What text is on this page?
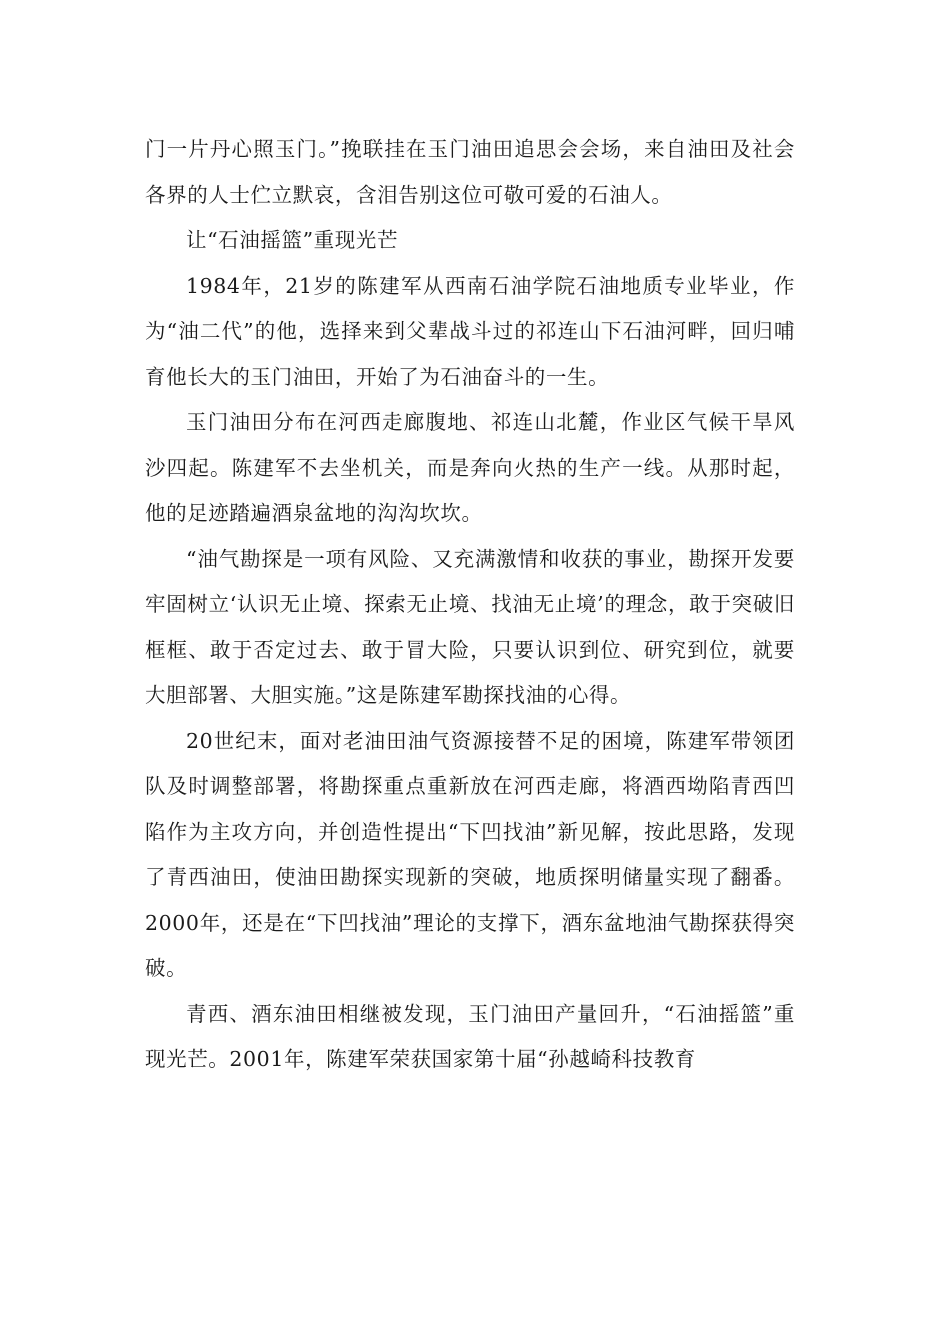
门一片丹心照玉门。”挽联挂在玉门油田追思会会场，来自油田及社会各界的人士伫立默哀，含泪告别这位可敬可爱的石油人。

让“石油摇篮”重现光芒

1984年，21岁的陈建军从西南石油学院石油地质专业毕业，作为“油二代”的他，选择来到父辈战斗过的祁连山下石油河畔，回归哺育他长大的玉门油田，开始了为石油奋斗的一生。

玉门油田分布在河西走廊腹地、祁连山北麓，作业区气候干旱风沙四起。陈建军不去坐机关，而是奔向火热的生产一线。从那时起，他的足迹踏遍酒泉盆地的沟沟坎坎。

“油气勘探是一项有风险、又充满激情和收获的事业，勘探开发要牢固树立‘认识无止境、探索无止境、找油无止境’的理念，敢于突破旧框框、敢于否定过去、敢于冒大险，只要认识到位、研究到位，就要大胆部署、大胆实施。”这是陈建军勘探找油的心得。

20世纪末，面对老油田油气资源接替不足的困境，陈建军带领团队及时调整部署，将勘探重点重新放在河西走廊，将酒西坳陷青西凹陷作为主攻方向，并创造性提出“下凹找油”新见解，按此思路，发现了青西油田，使油田勘探实现新的突破，地质探明储量实现了翻番。2000年，还是在“下凹找油”理论的支撑下，酒东盆地油气勘探获得突破。

青西、酒东油田相继被发现，玉门油田产量回升，“石油摇篮”重现光芒。2001年，陈建军荣获国家第十届“孙越崎科技教育
